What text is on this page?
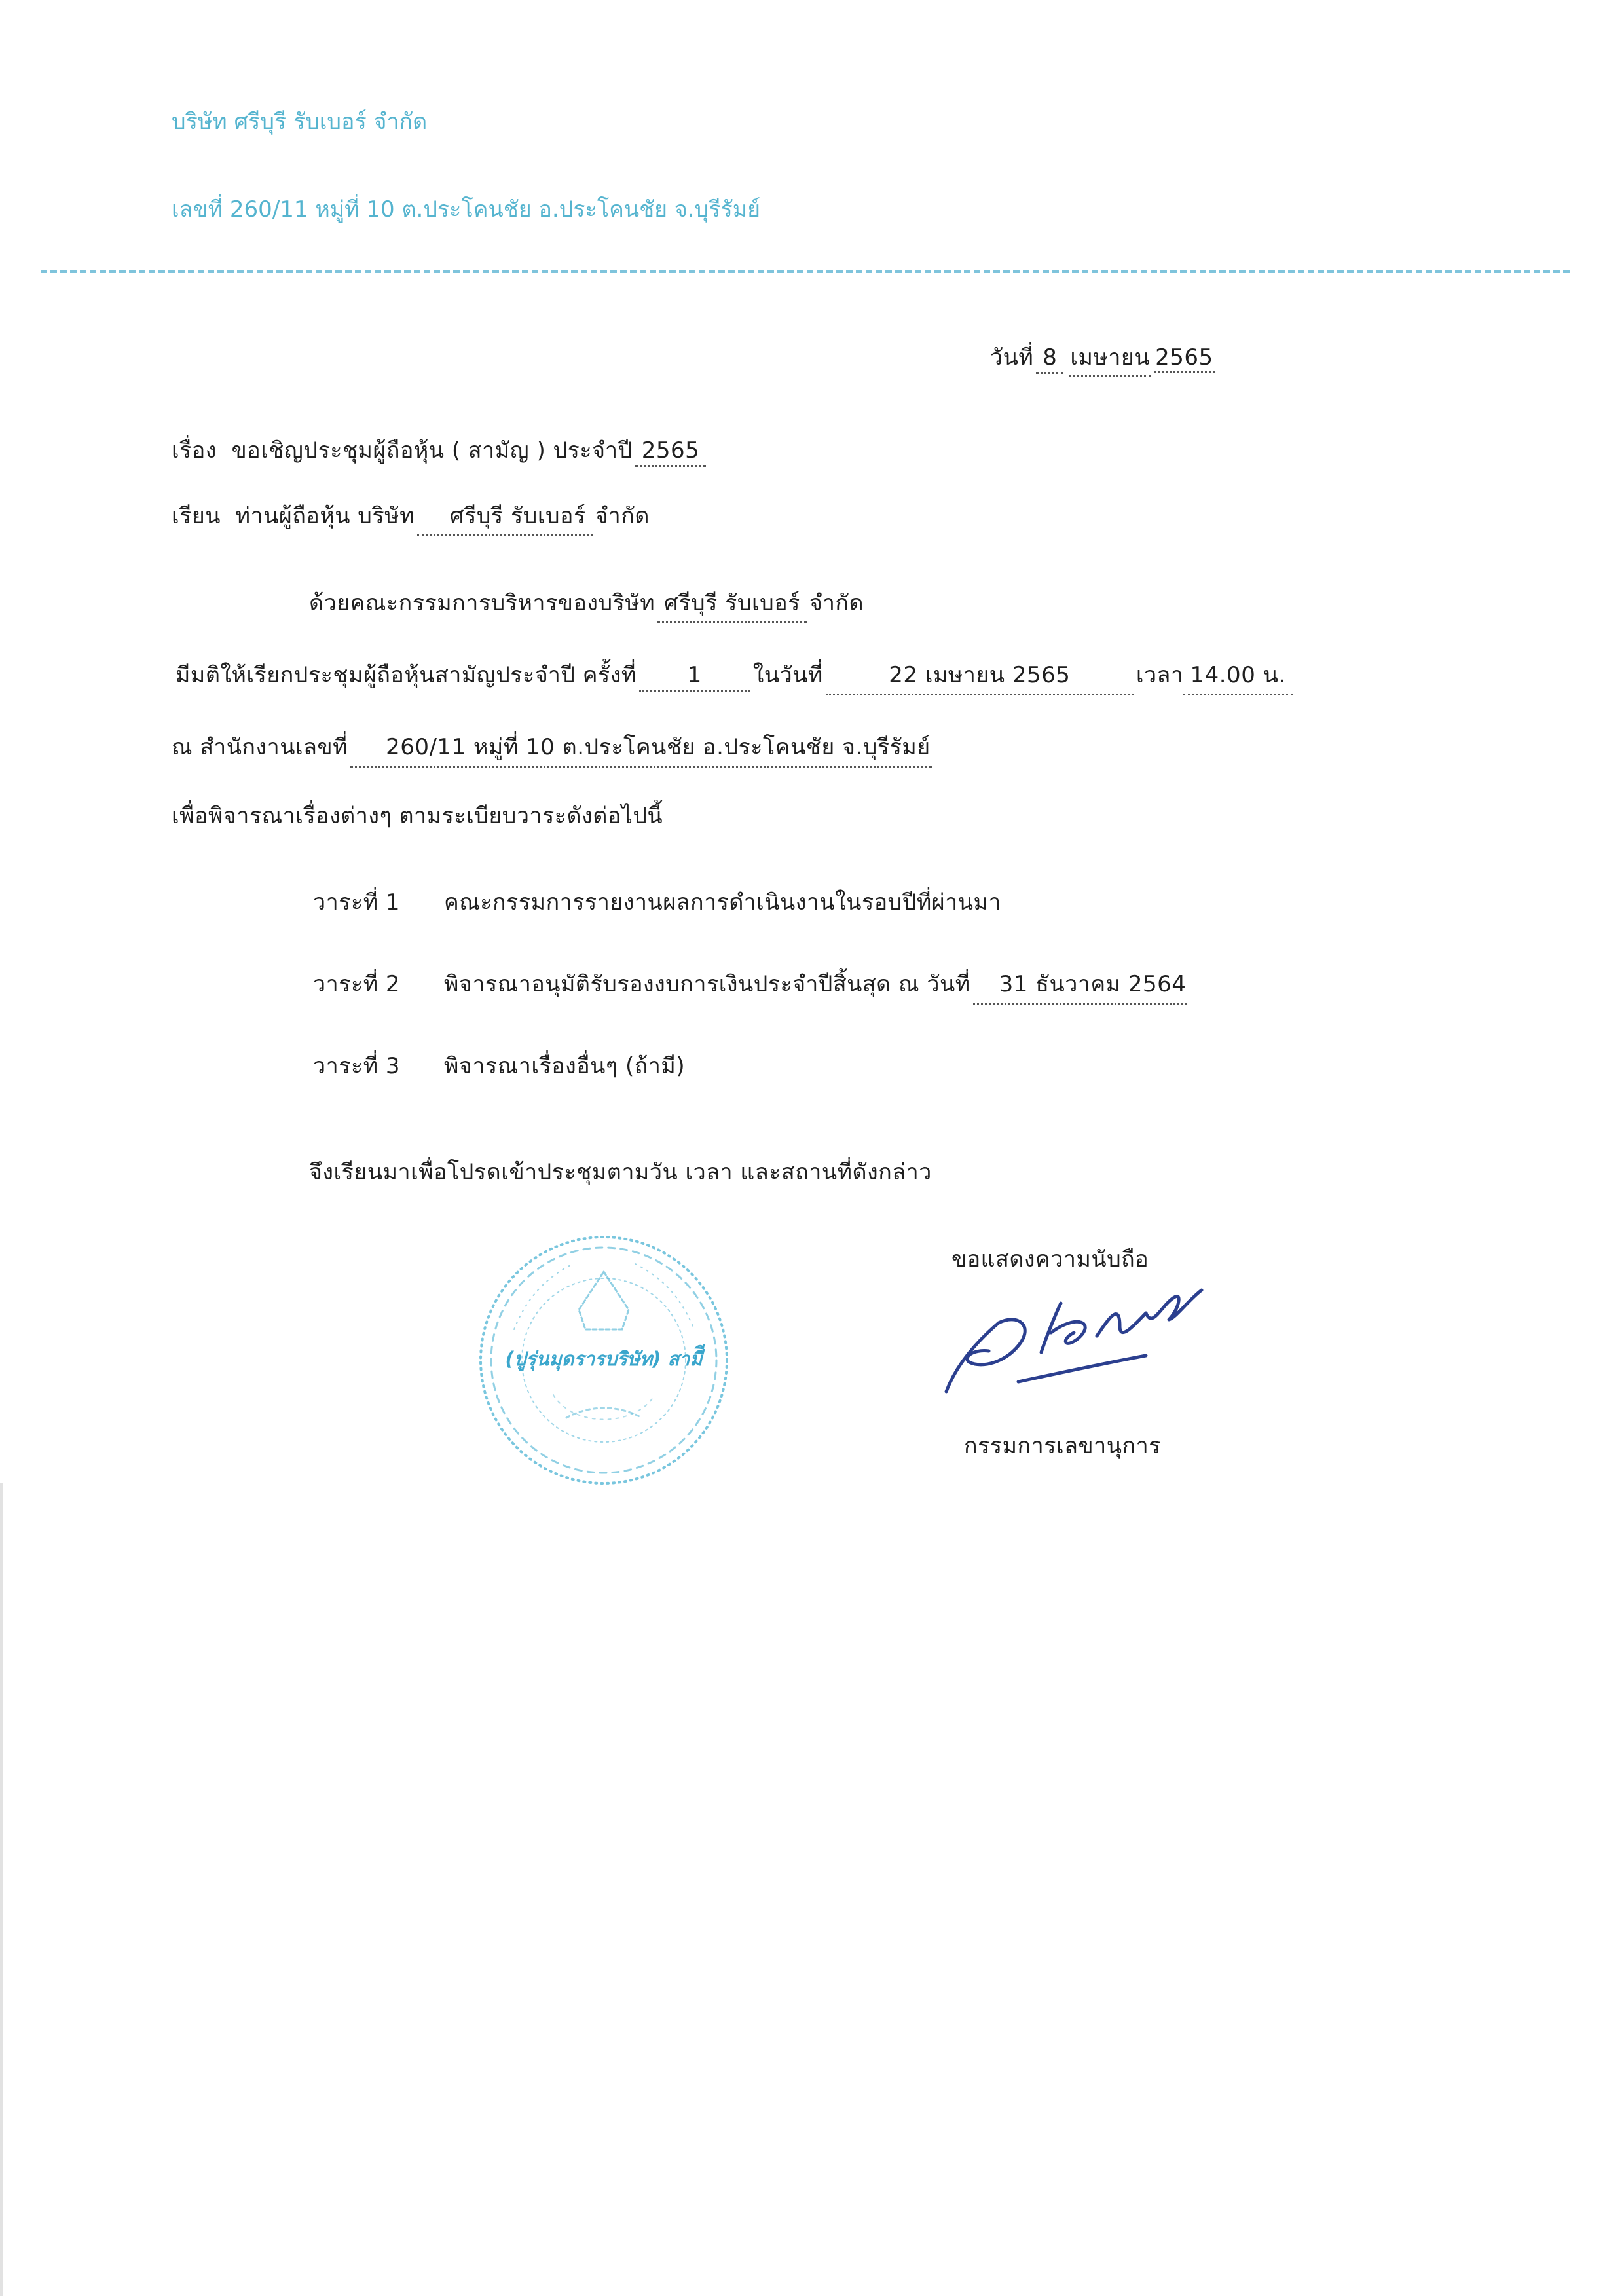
บริษัท ศรีบุรี รับเบอร์ จำกัด
เลขที่ 260/11 หมู่ที่ 10 ต.ประโคนชัย อ.ประโคนชัย จ.บุรีรัมย์
วันที่ 8 เมษายน 2565
เรื่อง ขอเชิญประชุมผู้ถือหุ้น ( สามัญ ) ประจำปี 2565
เรียน ท่านผู้ถือหุ้น บริษัท ศรีบุรี รับเบอร์ จำกัด
ด้วยคณะกรรมการบริหารของบริษัท ศรีบุรี รับเบอร์ จำกัด
มีมติให้เรียกประชุมผู้ถือหุ้นสามัญประจำปี ครั้งที่ 1 ในวันที่	22 เมษายน 2565	เวลา 14.00 น.
ณ สำนักงานเลขที่ 260/11 หมู่ที่ 10 ต.ประโคนชัย อ.ประโคนชัย จ.บุรีรัมย์
เพื่อพิจารณาเรื่องต่างๆ ตามระเบียบวาระดังต่อไปนี้
วาระที่ 1 คณะกรรมการรายงานผลการดำเนินงานในรอบปีที่ผ่านมา
วาระที่ 2 พิจารณาอนุมัติรับรองงบการเงินประจำปีสิ้นสุด ณ วันที่ 31 ธันวาคม 2564
วาระที่ 3 พิจารณาเรื่องอื่นๆ (ถ้ามี)
จึงเรียนมาเพื่อโปรดเข้าประชุมตามวัน เวลา และสถานที่ดังกล่าว
ขอแสดงความนับถือ
กรรมการเลขานุการ
(ปูรุ่นมุดรารบริษัท) สามีี
